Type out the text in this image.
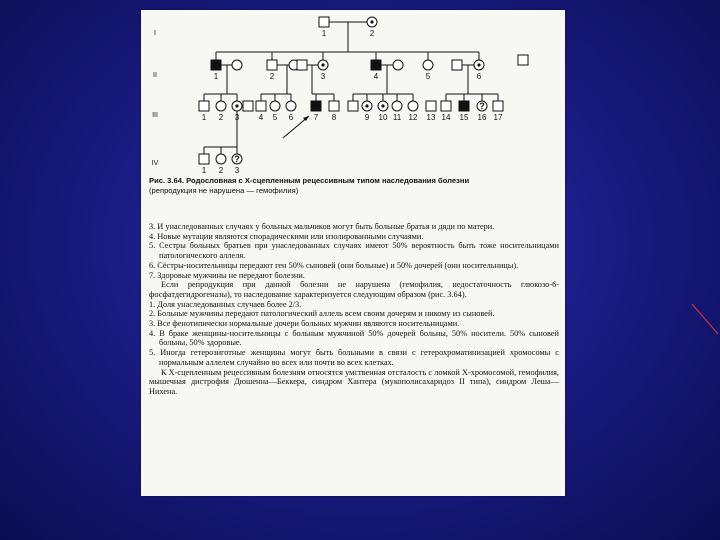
I
II
III
IV
1	2
1	2	3	4	5	6
1 2 3 4 5 6	7 8	9 10 11 12 13 14 15
?
16 17
1 2
?
3
Рис. 3.64. Родословная с Х-сцепленным рецессивным типом наследования болезни
(репродукция не нарушена — гемофилия)

3. И унаследованных случаях у больных мальчиков могут быть больные братья и дяди по матери.

4. Новые мутации являются спорадическими или изолированными случаями.

5. Сестры больных братьев при унаследованных случаях имеют 50% вероятность быть тоже носительницами патологического аллеля.

6. Сёстры-носительницы передают ген 50% сыновей (они больные) и 50% дочерей (они носительницы).

7. Здоровые мужчины не передают болезни.

Если репродукция при данной болезни не нарушена (гемофилия, недостаточность глюкозо-6-фосфатдегидрогеназы), то наследование характеризуется следующим образом (рис. 3.64).

1. Доля унаследованных случаев более 2/3.

2. Больные мужчины передают патологический аллель всем своим дочерям и никому из сыновей.

3. Все фенотипически нормальные дочери больных мужчин являются носительницами.

4. В браке женщины-носительницы с больным мужчиной 50% дочерей больны, 50% носители. 50% сыновей больны, 50% здоровые.

5. Иногда гетерозиготные женщины могут быть больными в связи с гетерохроматинизацией хромосомы с нормальным аллелем случайно во всех или почти во всех клетках.

К Х-сцепленным рецессивным болезням относятся умственная отсталость с ломкой Х-хромосомой, гемофилия, мышечная дистрофия Дюшенна—Беккера, синдром Хантера (мукополисахаридоз II типа), синдром Леша—Нихена.
